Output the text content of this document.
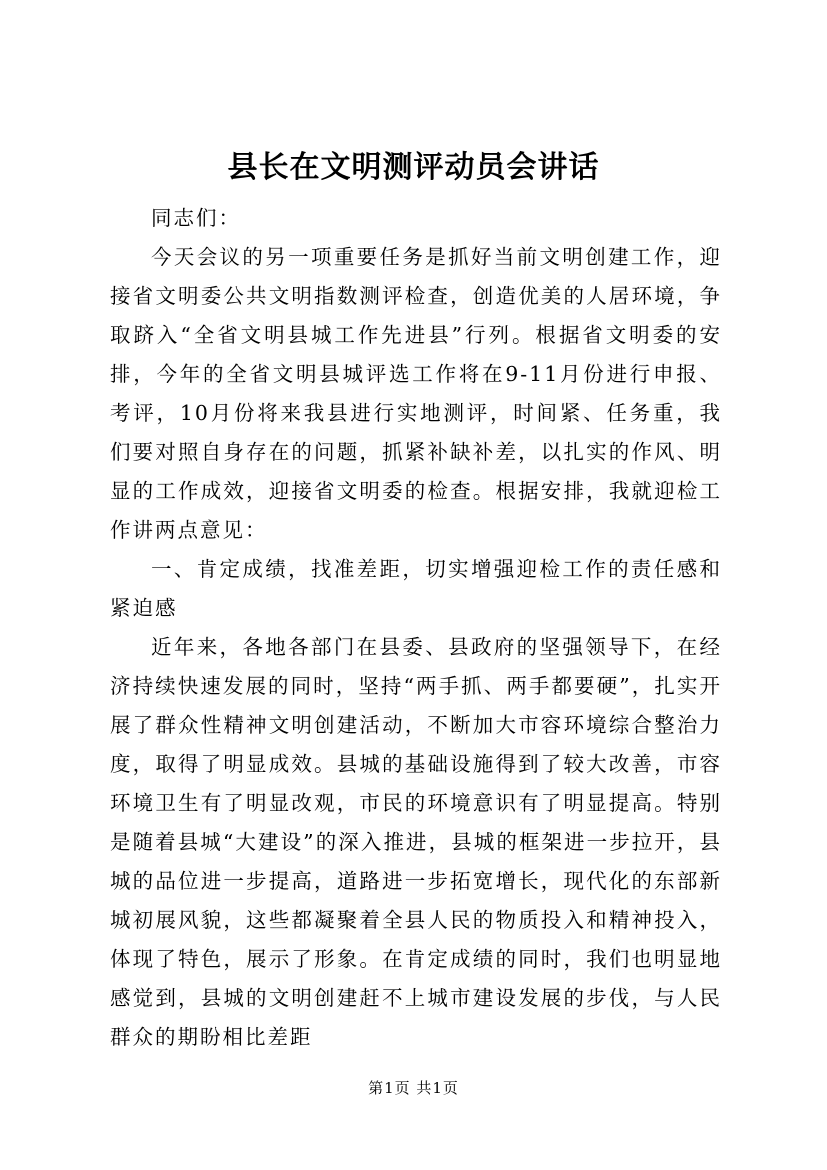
县长在文明测评动员会讲话

同志们：

今天会议的另一项重要任务是抓好当前文明创建工作，迎接省文明委公共文明指数测评检查，创造优美的人居环境，争取跻入“全省文明县城工作先进县”行列。根据省文明委的安排，今年的全省文明县城评选工作将在9-11月份进行申报、考评，10月份将来我县进行实地测评，时间紧、任务重，我们要对照自身存在的问题，抓紧补缺补差，以扎实的作风、明显的工作成效，迎接省文明委的检查。根据安排，我就迎检工作讲两点意见：

一、肯定成绩，找准差距，切实增强迎检工作的责任感和紧迫感

近年来，各地各部门在县委、县政府的坚强领导下，在经济持续快速发展的同时，坚持“两手抓、两手都要硬”，扎实开展了群众性精神文明创建活动，不断加大市容环境综合整治力度，取得了明显成效。县城的基础设施得到了较大改善，市容环境卫生有了明显改观，市民的环境意识有了明显提高。特别是随着县城“大建设”的深入推进，县城的框架进一步拉开，县城的品位进一步提高，道路进一步拓宽增长，现代化的东部新城初展风貌，这些都凝聚着全县人民的物质投入和精神投入，体现了特色，展示了形象。在肯定成绩的同时，我们也明显地感觉到，县城的文明创建赶不上城市建设发展的步伐，与人民群众的期盼相比差距

第1页 共1页
